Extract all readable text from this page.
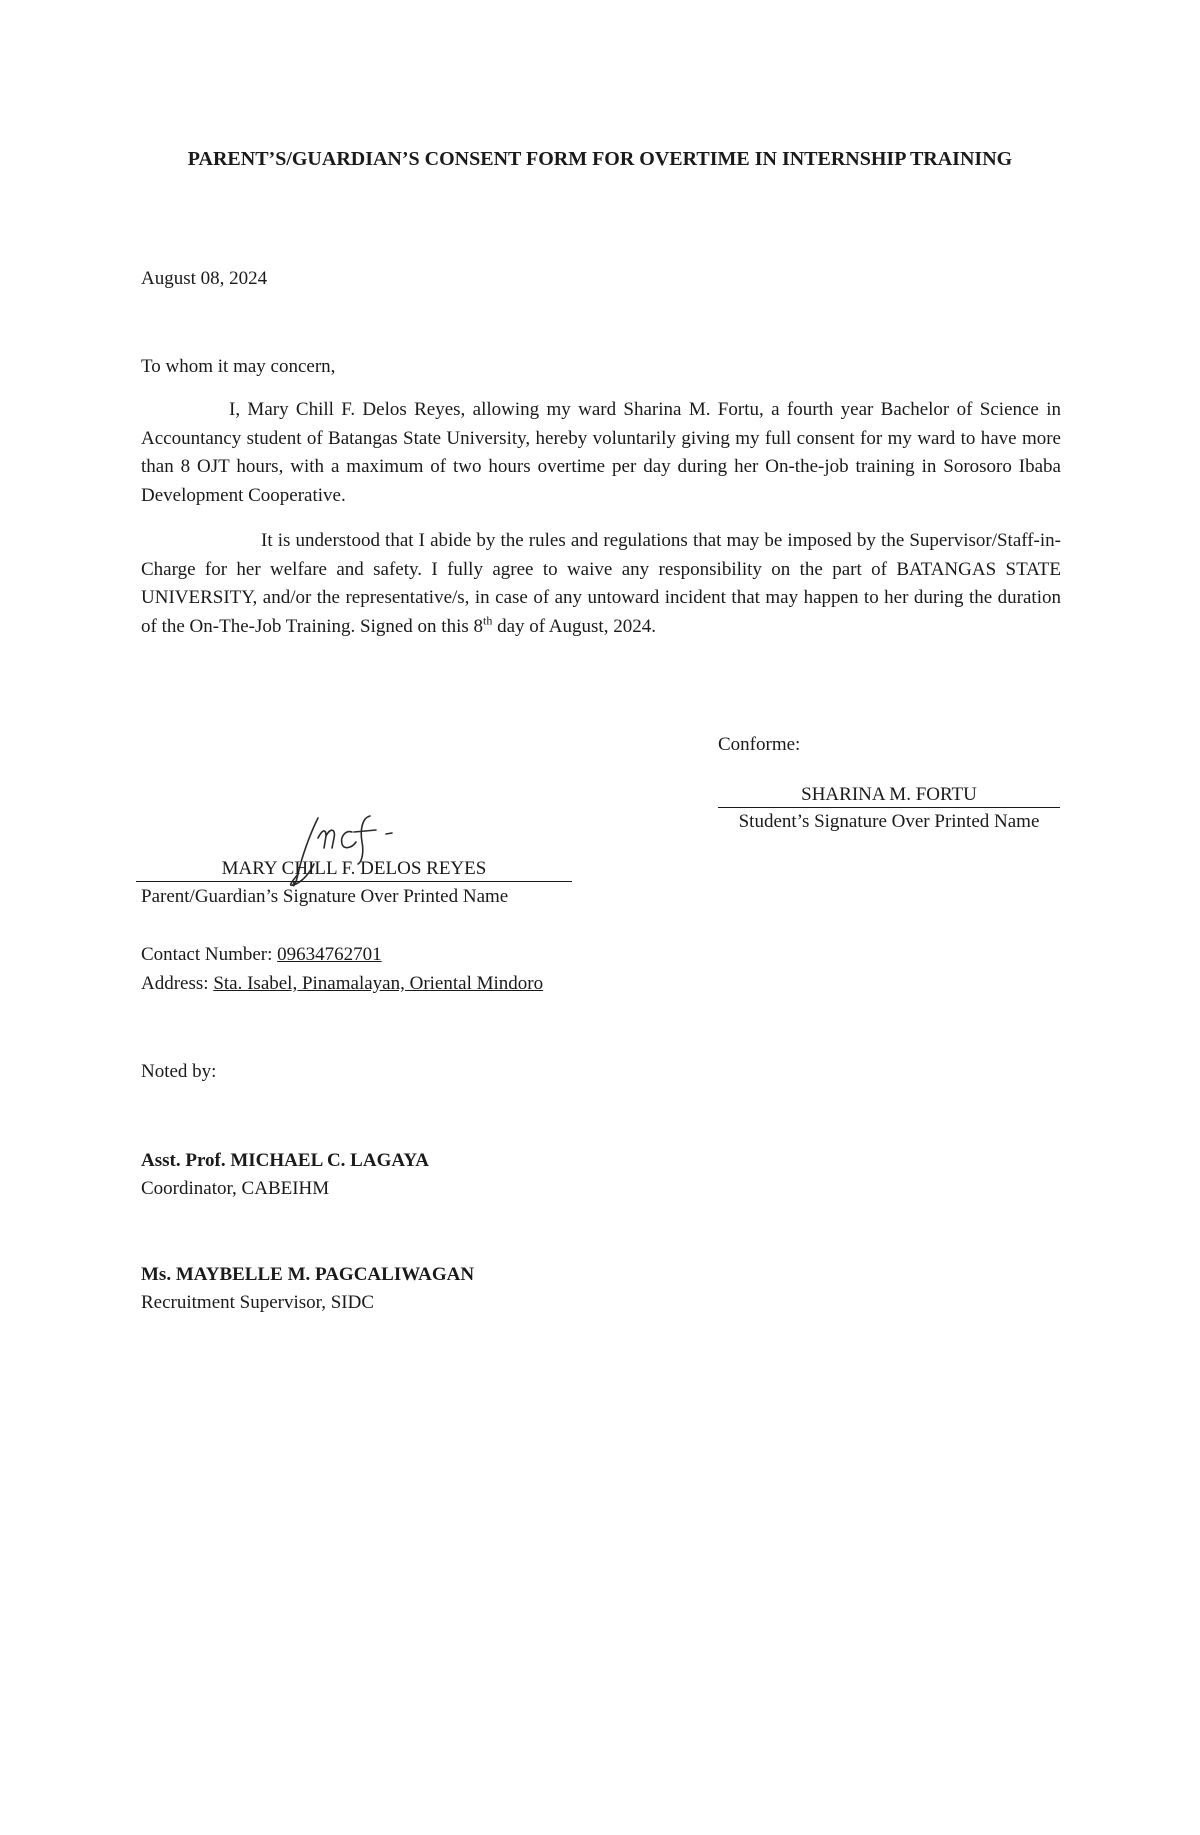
PARENT’S/GUARDIAN’S CONSENT FORM FOR OVERTIME IN INTERNSHIP TRAINING
August 08, 2024
To whom it may concern,

I, Mary Chill F. Delos Reyes, allowing my ward Sharina M. Fortu, a fourth year Bachelor of Science in Accountancy student of Batangas State University, hereby voluntarily giving my full consent for my ward to have more than 8 OJT hours, with a maximum of two hours overtime per day during her On-the-job training in Sorosoro Ibaba Development Cooperative.

It is understood that I abide by the rules and regulations that may be imposed by the Supervisor/Staff-in-Charge for her welfare and safety. I fully agree to waive any responsibility on the part of BATANGAS STATE UNIVERSITY, and/or the representative/s, in case of any untoward incident that may happen to her during the duration of the On-The-Job Training. Signed on this 8th day of August, 2024.

Conforme:
SHARINA M. FORTU
Student’s Signature Over Printed Name
MARY CHILL F. DELOS REYES
Parent/Guardian’s Signature Over Printed Name
Contact Number: 09634762701
Address: Sta. Isabel, Pinamalayan, Oriental Mindoro
Noted by:
Asst. Prof. MICHAEL C. LAGAYA
Coordinator, CABEIHM
Ms. MAYBELLE M. PAGCALIWAGAN
Recruitment Supervisor, SIDC
